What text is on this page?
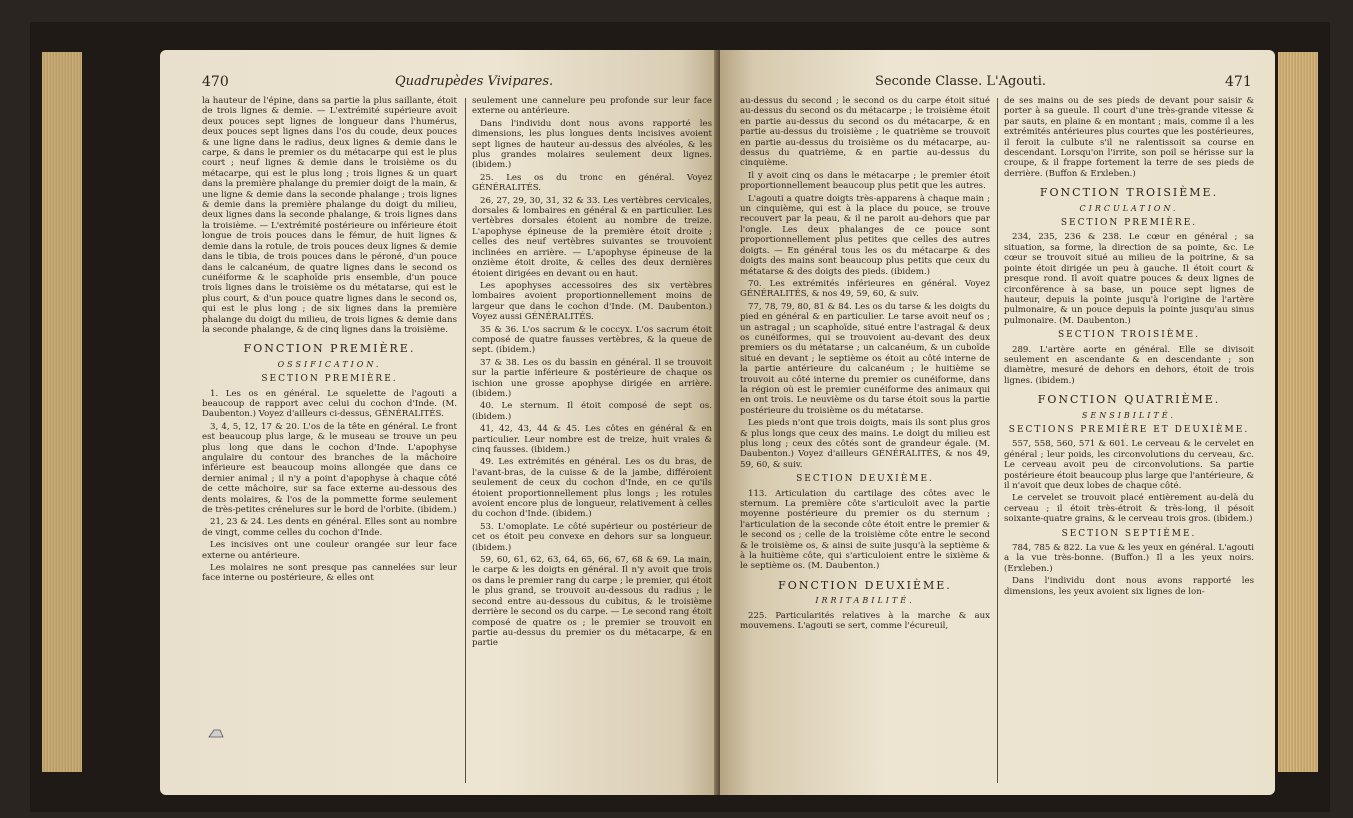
470	Quadrupèdes Vivipares.

la hauteur de l'épine, dans sa partie la plus saillante, étoit de trois lignes & demie. — L'extrémité supérieure avoit deux pouces sept lignes de longueur dans l'humérus, deux pouces sept lignes dans l'os du coude, deux pouces & une ligne dans le radius, deux lignes & demie dans le carpe, & dans le premier os du métacarpe qui est le plus court ; neuf lignes & demie dans le troisième os du métacarpe, qui est le plus long ; trois lignes & un quart dans la première phalange du premier doigt de la main, & une ligne & demie dans la seconde phalange ; trois lignes & demie dans la première phalange du doigt du milieu, deux lignes dans la seconde phalange, & trois lignes dans la troisième. — L'extrémité postérieure ou inférieure étoit longue de trois pouces dans le fémur, de huit lignes & demie dans la rotule, de trois pouces deux lignes & demie dans le tibia, de trois pouces dans le péroné, d'un pouce dans le calcanéum, de quatre lignes dans le second os cunéiforme & le scaphoïde pris ensemble, d'un pouce trois lignes dans le troisième os du métatarse, qui est le plus court, & d'un pouce quatre lignes dans le second os, qui est le plus long ; de six lignes dans la première phalange du doigt du milieu, de trois lignes & demie dans la seconde phalange, & de cinq lignes dans la troisième.

FONCTION PREMIÈRE.
OSSIFICATION.
SECTION PREMIÈRE.

1. Les os en général. Le squelette de l'agouti a beaucoup de rapport avec celui du cochon d'Inde. (M. Daubenton.) Voyez d'ailleurs ci-dessus, GÉNÉRALITÉS.

3, 4, 5, 12, 17 & 20. L'os de la tête en général. Le front est beaucoup plus large, & le museau se trouve un peu plus long que dans le cochon d'Inde. L'apophyse angulaire du contour des branches de la mâchoire inférieure est beaucoup moins allongée que dans ce dernier animal ; il n'y a point d'apophyse à chaque côté de cette mâchoire, sur sa face externe au-dessous des dents molaires, & l'os de la pommette forme seulement de très-petites crénelures sur le bord de l'orbite. (ibidem.)

21, 23 & 24. Les dents en général. Elles sont au nombre de vingt, comme celles du cochon d'Inde.

Les incisives ont une couleur orangée sur leur face externe ou antérieure.

Les molaires ne sont presque pas cannelées sur leur face interne ou postérieure, & elles ont

seulement une cannelure peu profonde sur leur face externe ou antérieure.

Dans l'individu dont nous avons rapporté les dimensions, les plus longues dents incisives avoient sept lignes de hauteur au-dessus des alvéoles, & les plus grandes molaires seulement deux lignes. (ibidem.)

25. Les os du tronc en général. Voyez GÉNÉRALITÉS.

26, 27, 29, 30, 31, 32 & 33. Les vertèbres cervicales, dorsales & lombaires en général & en particulier. Les vertèbres dorsales étoient au nombre de treize. L'apophyse épineuse de la première étoit droite ; celles des neuf vertèbres suivantes se trouvoient inclinées en arrière. — L'apophyse épineuse de la onzième étoit droite, & celles des deux dernières étoient dirigées en devant ou en haut.

Les apophyses accessoires des six vertèbres lombaires avoient proportionnellement moins de largeur que dans le cochon d'Inde. (M. Daubenton.) Voyez aussi GÉNÉRALITÉS.

35 & 36. L'os sacrum & le coccyx. L'os sacrum étoit composé de quatre fausses vertèbres, & la queue de sept. (ibidem.)

37 & 38. Les os du bassin en général. Il se trouvoit sur la partie inférieure & postérieure de chaque os ischion une grosse apophyse dirigée en arrière. (ibidem.)

40. Le sternum. Il étoit composé de sept os. (ibidem.)

41, 42, 43, 44 & 45. Les côtes en général & en particulier. Leur nombre est de treize, huit vraies & cinq fausses. (ibidem.)

49. Les extrémités en général. Les os du bras, de l'avant-bras, de la cuisse & de la jambe, différoient seulement de ceux du cochon d'Inde, en ce qu'ils étoient proportionnellement plus longs ; les rotules avoient encore plus de longueur, relativement à celles du cochon d'Inde. (ibidem.)

53. L'omoplate. Le côté supérieur ou postérieur de cet os étoit peu convexe en dehors sur sa longueur. (ibidem.)

59, 60, 61, 62, 63, 64, 65, 66, 67, 68 & 69. La main, le carpe & les doigts en général. Il n'y avoit que trois os dans le premier rang du carpe ; le premier, qui étoit le plus grand, se trouvoit au-dessous du radius ; le second entre au-dessous du cubitus, & le troisième derrière le second os du carpe. — Le second rang étoit composé de quatre os ; le premier se trouvoit en partie au-dessus du premier os du métacarpe, & en partie

Seconde Classe. L'Agouti.	471

au-dessus du second ; le second os du carpe étoit situé au-dessus du second os du métacarpe ; le troisième étoit en partie au-dessus du second os du métacarpe, & en partie au-dessus du troisième ; le quatrième se trouvoit en partie au-dessus du troisième os du métacarpe, au-dessus du quatrième, & en partie au-dessus du cinquième.

Il y avoit cinq os dans le métacarpe ; le premier étoit proportionnellement beaucoup plus petit que les autres.

L'agouti a quatre doigts très-apparens à chaque main ; un cinquième, qui est à la place du pouce, se trouve recouvert par la peau, & il ne paroit au-dehors que par l'ongle. Les deux phalanges de ce pouce sont proportionnellement plus petites que celles des autres doigts. — En général tous les os du métacarpe & des doigts des mains sont beaucoup plus petits que ceux du métatarse & des doigts des pieds. (ibidem.)

70. Les extrémités inférieures en général. Voyez GÉNÉRALITÉS, & nos 49, 59, 60, & suiv.

77, 78, 79, 80, 81 & 84. Les os du tarse & les doigts du pied en général & en particulier. Le tarse avoit neuf os ; un astragal ; un scaphoïde, situé entre l'astragal & deux os cunéiformes, qui se trouvoient au-devant des deux premiers os du métatarse ; un calcanéum, & un cuboïde situé en devant ; le septième os étoit au côté interne de la partie antérieure du calcanéum ; le huitième se trouvoit au côté interne du premier os cunéiforme, dans la région où est le premier cunéiforme des animaux qui en ont trois. Le neuvième os du tarse étoit sous la partie postérieure du troisième os du métatarse.

Les pieds n'ont que trois doigts, mais ils sont plus gros & plus longs que ceux des mains. Le doigt du milieu est plus long ; ceux des côtés sont de grandeur égale. (M. Daubenton.) Voyez d'ailleurs GÉNÉRALITÉS, & nos 49, 59, 60, & suiv.

SECTION DEUXIÈME.

113. Articulation du cartilage des côtes avec le sternum. La première côte s'articuloit avec la partie moyenne postérieure du premier os du sternum ; l'articulation de la seconde côte étoit entre le premier & le second os ; celle de la troisième côte entre le second & le troisième os, & ainsi de suite jusqu'à la septième & à la huitième côte, qui s'articuloient entre le sixième & le septième os. (M. Daubenton.)

FONCTION DEUXIÈME.
IRRITABILITÉ.

225. Particularités relatives à la marche & aux mouvemens. L'agouti se sert, comme l'écureuil,

de ses mains ou de ses pieds de devant pour saisir & porter à sa gueule. Il court d'une très-grande vitesse & par sauts, en plaine & en montant ; mais, comme il a les extrémités antérieures plus courtes que les postérieures, il feroit la culbute s'il ne ralentissoit sa course en descendant. Lorsqu'on l'irrite, son poil se hérisse sur la croupe, & il frappe fortement la terre de ses pieds de derrière. (Buffon & Erxleben.)

FONCTION TROISIÈME.
CIRCULATION.
SECTION PREMIÈRE.

234, 235, 236 & 238. Le cœur en général ; sa situation, sa forme, la direction de sa pointe, &c. Le cœur se trouvoit situé au milieu de la poitrine, & sa pointe étoit dirigée un peu à gauche. Il étoit court & presque rond. Il avoit quatre pouces & deux lignes de circonférence à sa base, un pouce sept lignes de hauteur, depuis la pointe jusqu'à l'origine de l'artère pulmonaire, & un pouce depuis la pointe jusqu'au sinus pulmonaire. (M. Daubenton.)

SECTION TROISIÈME.

289. L'artère aorte en général. Elle se divisoit seulement en ascendante & en descendante ; son diamètre, mesuré de dehors en dehors, étoit de trois lignes. (ibidem.)

FONCTION QUATRIÈME.
SENSIBILITÉ.
SECTIONS PREMIÈRE ET DEUXIÈME.

557, 558, 560, 571 & 601. Le cerveau & le cervelet en général ; leur poids, les circonvolutions du cerveau, &c. Le cerveau avoit peu de circonvolutions. Sa partie postérieure étoit beaucoup plus large que l'antérieure, & il n'avoit que deux lobes de chaque côté.

Le cervelet se trouvoit placé entièrement au-delà du cerveau ; il étoit très-étroit & très-long, il pésoit soixante-quatre grains, & le cerveau trois gros. (ibidem.)

SECTION SEPTIÈME.

784, 785 & 822. La vue & les yeux en général. L'agouti a la vue très-bonne. (Buffon.) Il a les yeux noirs. (Erxleben.)

Dans l'individu dont nous avons rapporté les dimensions, les yeux avoient six lignes de lon-
